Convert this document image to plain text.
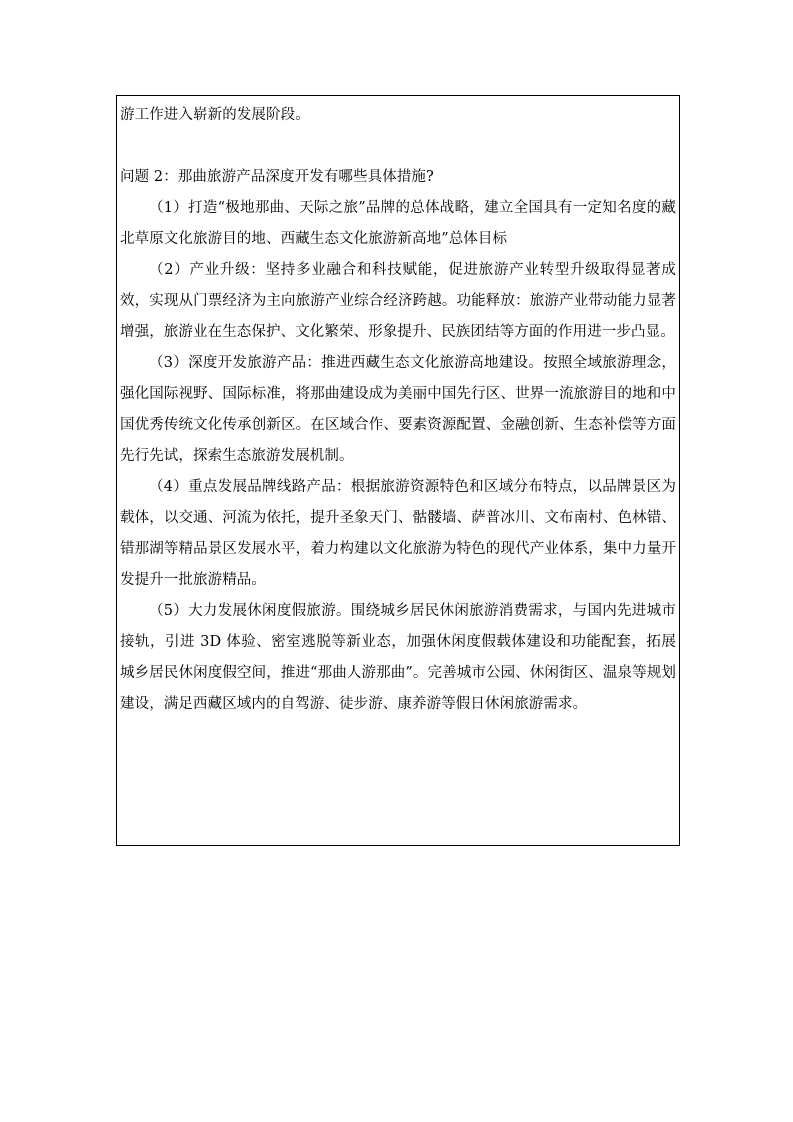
游工作进入崭新的发展阶段。

问题 2：那曲旅游产品深度开发有哪些具体措施?

（1）打造“极地那曲、天际之旅”品牌的总体战略，建立全国具有一定知名度的藏北草原文化旅游目的地、西藏生态文化旅游新高地”总体目标

（2）产业升级：坚持多业融合和科技赋能，促进旅游产业转型升级取得显著成效，实现从门票经济为主向旅游产业综合经济跨越。功能释放：旅游产业带动能力显著增强，旅游业在生态保护、文化繁荣、形象提升、民族团结等方面的作用进一步凸显。

（3）深度开发旅游产品：推进西藏生态文化旅游高地建设。按照全域旅游理念，强化国际视野、国际标准，将那曲建设成为美丽中国先行区、世界一流旅游目的地和中国优秀传统文化传承创新区。在区域合作、要素资源配置、金融创新、生态补偿等方面先行先试，探索生态旅游发展机制。

（4）重点发展品牌线路产品：根据旅游资源特色和区域分布特点，以品牌景区为载体，以交通、河流为依托，提升圣象天门、骷髅墙、萨普冰川、文布南村、色林错、错那湖等精品景区发展水平，着力构建以文化旅游为特色的现代产业体系，集中力量开发提升一批旅游精品。

（5）大力发展休闲度假旅游。围绕城乡居民休闲旅游消费需求，与国内先进城市接轨，引进 3D 体验、密室逃脱等新业态，加强休闲度假载体建设和功能配套，拓展城乡居民休闲度假空间，推进“那曲人游那曲”。完善城市公园、休闲街区、温泉等规划建设，满足西藏区域内的自驾游、徒步游、康养游等假日休闲旅游需求。
